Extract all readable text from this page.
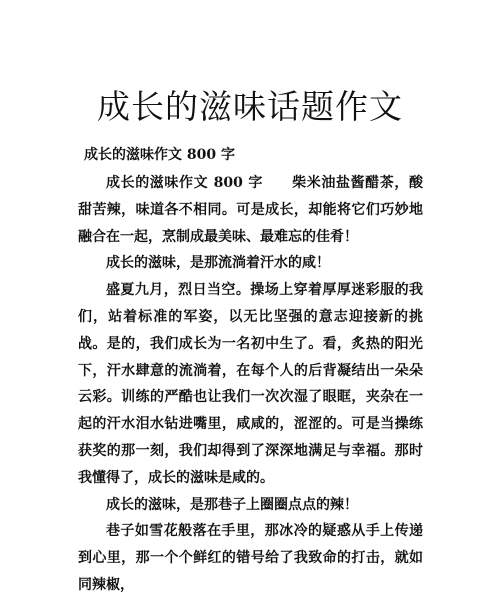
成长的滋味话题作文
成长的滋味作文 800 字

成长的滋味作文 800 字　　柴米油盐酱醋茶，酸甜苦辣，味道各不相同。可是成长，却能将它们巧妙地融合在一起，烹制成最美味、最难忘的佳肴！

成长的滋味，是那流淌着汗水的咸！

盛夏九月，烈日当空。操场上穿着厚厚迷彩服的我们，站着标准的军姿，以无比坚强的意志迎接新的挑战。是的，我们成长为一名初中生了。看，炙热的阳光下，汗水肆意的流淌着，在每个人的后背凝结出一朵朵云彩。训练的严酷也让我们一次次湿了眼眶，夹杂在一起的汗水泪水钻进嘴里，咸咸的，涩涩的。可是当操练获奖的那一刻，我们却得到了深深地满足与幸福。那时我懂得了，成长的滋味是咸的。

成长的滋味，是那巷子上圈圈点点的辣！

巷子如雪花般落在手里，那冰冷的疑惑从手上传递到心里，那一个个鲜红的错号给了我致命的打击，就如同辣椒，
